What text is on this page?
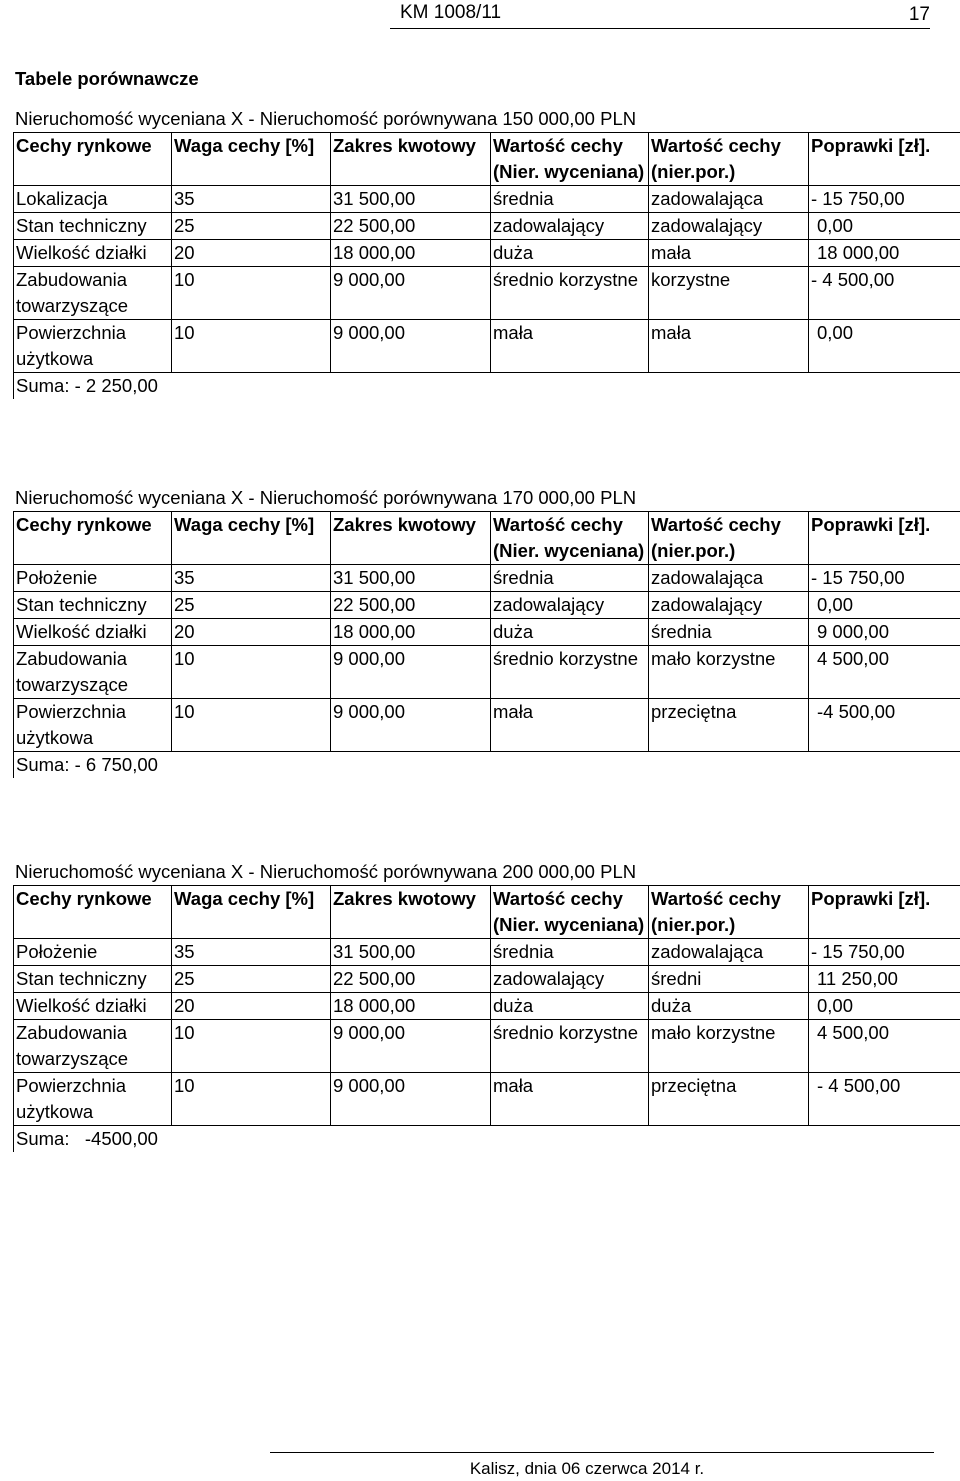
KM 1008/11	17
Tabele porównawcze
Nieruchomość wyceniana X - Nieruchomość porównywana 150 000,00 PLN
Cechy rynkowe	Waga cechy [%]	Zakres kwotowy	Wartość cechy (Nier. wyceniana)	Wartość cechy (nier.por.)	Poprawki [zł].
Lokalizacja	35	31 500,00	średnia	zadowalająca	- 15 750,00
Stan techniczny	25	22 500,00	zadowalający	zadowalający	0,00
Wielkość działki	20	18 000,00	duża	mała	18 000,00
Zabudowania towarzyszące	10	9 000,00	średnio korzystne	korzystne	- 4 500,00
Powierzchnia użytkowa	10	9 000,00	mała	mała	0,00
Suma: - 2 250,00					
Nieruchomość wyceniana X - Nieruchomość porównywana 170 000,00 PLN
Cechy rynkowe	Waga cechy [%]	Zakres kwotowy	Wartość cechy (Nier. wyceniana)	Wartość cechy (nier.por.)	Poprawki [zł].
Położenie	35	31 500,00	średnia	zadowalająca	- 15 750,00
Stan techniczny	25	22 500,00	zadowalający	zadowalający	0,00
Wielkość działki	20	18 000,00	duża	średnia	9 000,00
Zabudowania towarzyszące	10	9 000,00	średnio korzystne	mało korzystne	4 500,00
Powierzchnia użytkowa	10	9 000,00	mała	przeciętna	-4 500,00
Suma: - 6 750,00					
Nieruchomość wyceniana X - Nieruchomość porównywana 200 000,00 PLN
Cechy rynkowe	Waga cechy [%]	Zakres kwotowy	Wartość cechy (Nier. wyceniana)	Wartość cechy (nier.por.)	Poprawki [zł].
Położenie	35	31 500,00	średnia	zadowalająca	- 15 750,00
Stan techniczny	25	22 500,00	zadowalający	średni	11 250,00
Wielkość działki	20	18 000,00	duża	duża	0,00
Zabudowania towarzyszące	10	9 000,00	średnio korzystne	mało korzystne	4 500,00
Powierzchnia użytkowa	10	9 000,00	mała	przeciętna	- 4 500,00
Suma:   -4500,00					
Kalisz, dnia 06 czerwca 2014 r.
